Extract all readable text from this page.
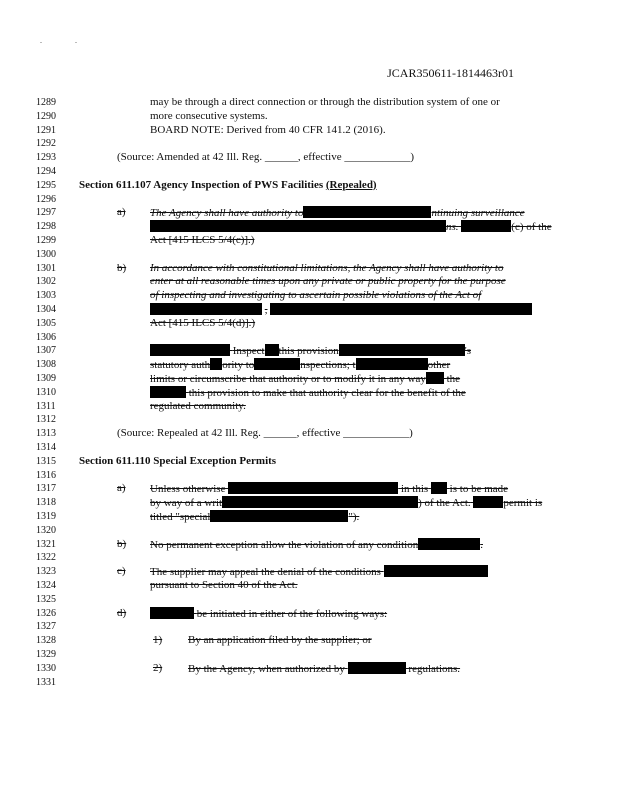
JCAR350611-1814463r01
1289	may be through a direct connection or through the distribution system of one or
1290	more consecutive systems.
1291	BOARD NOTE: Derived from 40 CFR 141.2 (2016).
1292
1293	(Source: Amended at 42 Ill. Reg. ______, effective ____________)
1294
1295	Section 611.107 Agency Inspection of PWS Facilities (Repealed)
1296
1297	a) The Agency shall have authority to	ntinuing surveillance
1298	ns.	(c) of the
1299	Act [415 ILCS 5/4(c)].)
1300
1301	b) In accordance with constitutional limitations, the Agency shall have authority to
1302	enter at all reasonable times upon any private or public property for the purpose
1303	of inspecting and investigating to ascertain possible violations of the Act of
1304	,
1305	Act [415 ILCS 5/4(d)].)
1306
1307	Inspect this provision	's
1308	statutory auth ority to	nspections; t	other
1309	limits or circumscribe that authority or to modify it in any way the
1310	this provision to make that authority clear for the benefit of the
1311	regulated community.
1312
1313	(Source: Repealed at 42 Ill. Reg. ______, effective ____________)
1314
1315	Section 611.110 Special Exception Permits
1316
1317	a) Unless otherwise	in this is to be made
1318	by way of a writ	) of the Act.	permit is
1319	titled "special	").
1320
1321	b) No permanent exception allow the violation of any condition	.
1322
1323	c) The supplier may appeal the denial of the conditions
1324	pursuant to Section 40 of the Act.
1325
1326	d)	be initiated in either of the following ways:
1327
1328	1) By an application filed by the supplier; or
1329
1330	2) By the Agency, when authorized by	regulations.
1331
